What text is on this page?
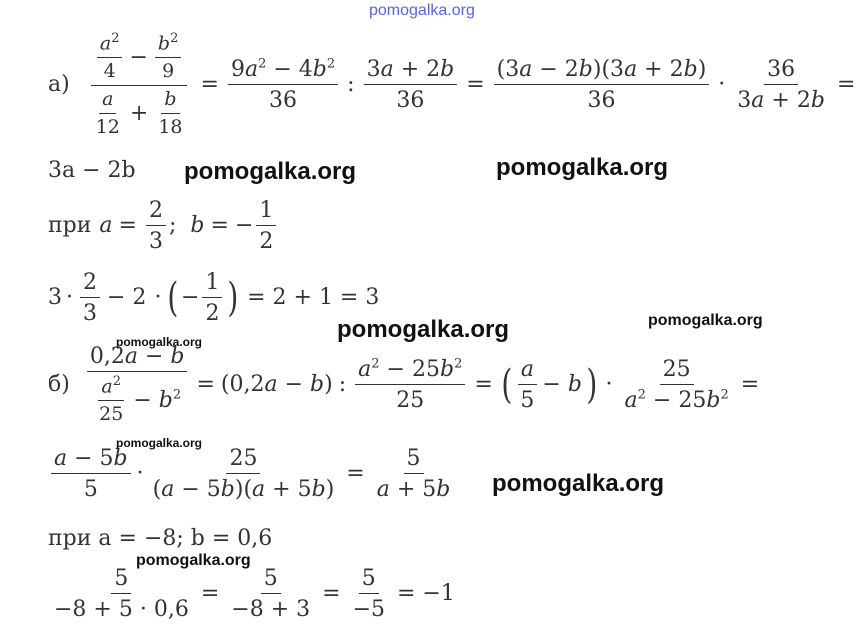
pomogalka.org
pomogalka.org	pomogalka.org
pomogalka.org	pomogalka.org
pomogalka.org
pomogalka.org
pomogalka.org
pomogalka.org
$а) \frac{\frac{a^2}{4} - \frac{b^2}{9}}{\frac{a}{12} + \frac{b}{18}} = \frac{9a^2 - 4b^2}{36}$ : $\frac{3a + 2b}{36} = \frac{(3a - 2b)(3a + 2b)}{36} \cdot \frac{36}{3a + 2b}$ =
3a − 2b
при $a = \frac{2}{3}$ ; b = − $\frac{1}{2}$
$3 \cdot \frac{2}{3} - 2$ · ( − $\frac{1}{2}$ ) = 2 + 1 = 3
$б) \frac{0,2a - b}{\frac{a^2}{25} - b^2} = (0,2a - b)$ : $\frac{a^2 - 25b^2}{25}$ = ( $\frac{a}{5} - b$ ) · $\frac{25}{a^2 - 25b^2}$ =
$\frac{a - 5b}{5} \cdot \frac{25}{(a - 5b)(a + 5b)} = \frac{5}{a + 5b}$
при a = −8; b = 0,6
$\frac{5}{-8 + 5 \cdot 0,6} = \frac{5}{-8 + 3} = \frac{5}{-5} = -1$
